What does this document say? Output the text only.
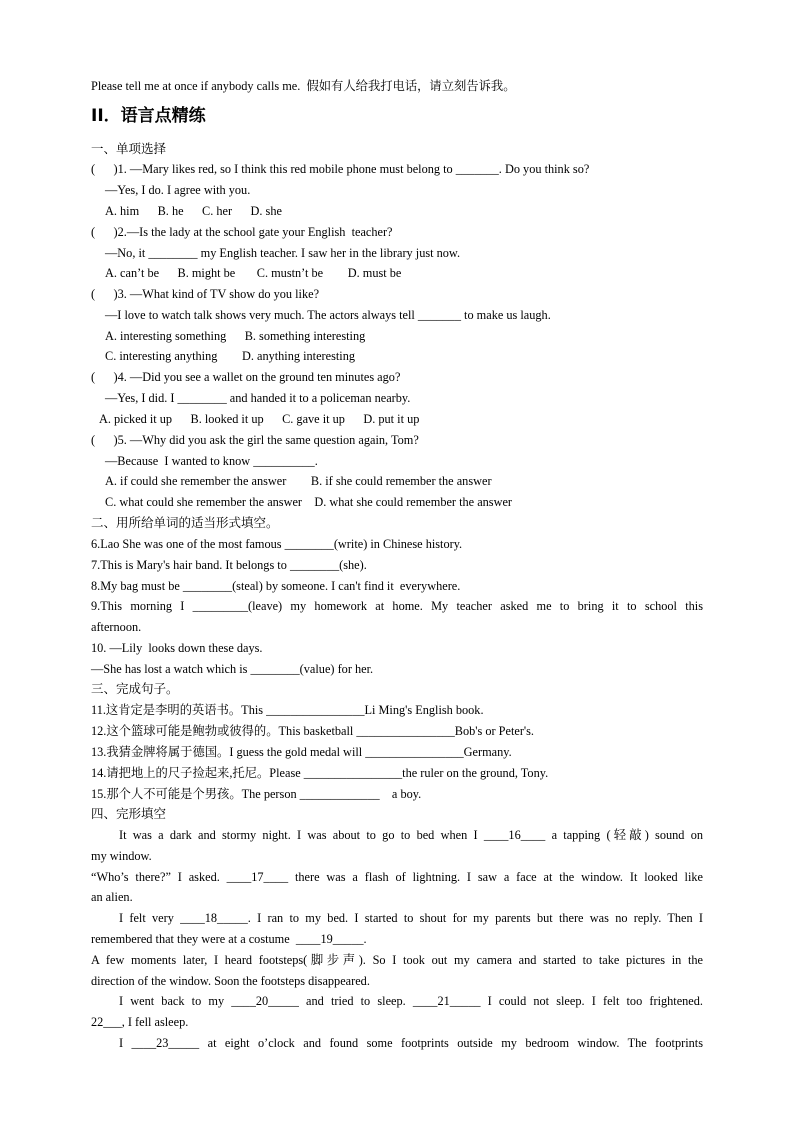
Please tell me at once if anybody calls me.  假如有人给我打电话，请立刻告诉我。
II．语言点精练
一、单项选择
(      )1. —Mary likes red, so I think this red mobile phone must belong to _______. Do you think so?
—Yes, I do. I agree with you.
A. him      B. he      C. her      D. she
(      )2.—Is the lady at the school gate your English  teacher?
—No, it ________ my English teacher. I saw her in the library just now.
A. can’t be      B. might be       C. mustn’t be        D. must be
(      )3. —What kind of TV show do you like?
—I love to watch talk shows very much. The actors always tell _______ to make us laugh.
A. interesting something      B. something interesting
C. interesting anything        D. anything interesting
(      )4. —Did you see a wallet on the ground ten minutes ago?
—Yes, I did. I ________ and handed it to a policeman nearby.
A. picked it up      B. looked it up      C. gave it up      D. put it up
(      )5. —Why did you ask the girl the same question again, Tom?
—Because  I wanted to know __________.
A. if could she remember the answer        B. if she could remember the answer
C. what could she remember the answer    D. what she could remember the answer
二、用所给单词的适当形式填空。
6.Lao She was one of the most famous ________(write) in Chinese history.
7.This is Mary's hair band. It belongs to ________(she).
8.My bag must be ________(steal) by someone. I can't find it  everywhere.
9.This morning I _________(leave) my homework at home. My teacher asked me to bring it to school this
afternoon.
10. —Lily  looks down these days.
—She has lost a watch which is ________(value) for her.
三、完成句子。
11.这肯定是李明的英语书。This ________________Li Ming's English book.
12.这个篮球可能是鲍勃或彼得的。This basketball ________________Bob's or Peter's.
13.我猜金牌将属于德国。I guess the gold medal will ________________Germany.
14.请把地上的尺子捡起来,托尼。Please ________________the ruler on the ground, Tony.
15.那个人不可能是个男孩。The person _____________    a boy.
四、完形填空
It was a dark and stormy night. I was about to go to bed when I ____16____ a tapping (轻敲) sound on
my window.
“Who’s there?” I asked. ____17____ there was a flash of lightning. I saw a face at the window. It looked like
an alien.
I felt very ____18_____. I ran to my bed. I started to shout for my parents but there was no reply. Then I
remembered that they were at a costume  ____19_____.
A few moments later, I heard footsteps(脚步声). So I took out my camera and started to take pictures in the
direction of the window. Soon the footsteps disappeared.
I went back to my ____20_____ and tried to sleep. ____21_____ I could not sleep. I felt too frightened.
22___, I fell asleep.
I ____23_____ at eight o’clock and found some footprints outside my bedroom window. The footprints
